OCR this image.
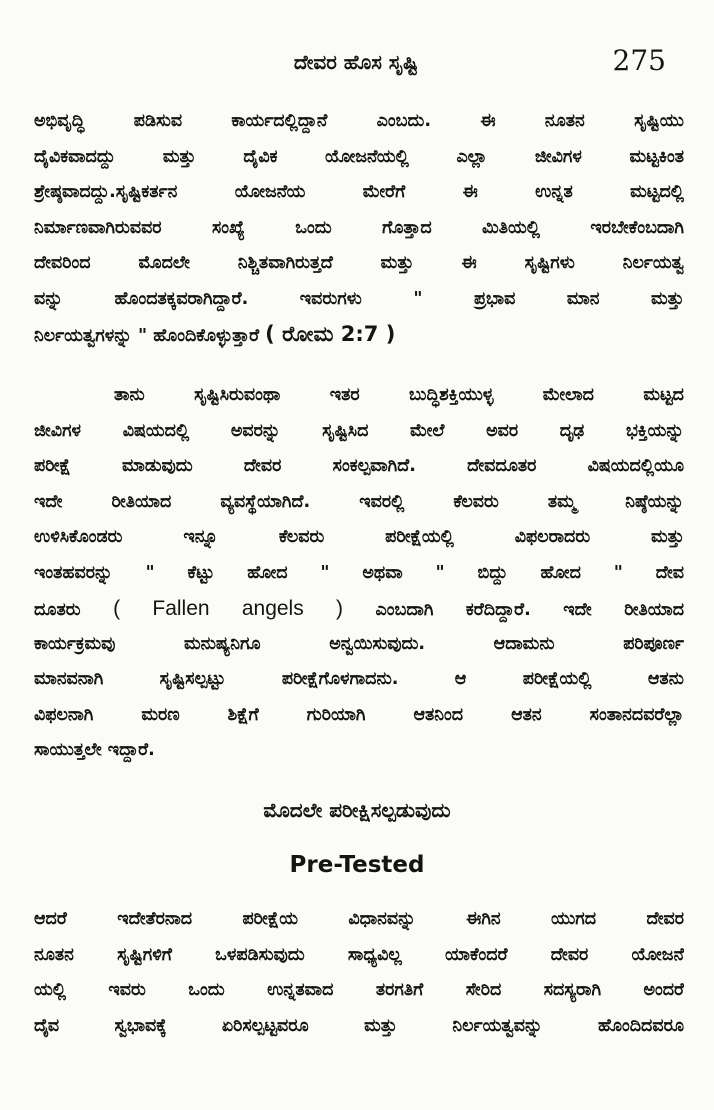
ದೇವರ ಹೊಸ ಸೃಷ್ಟಿ	275
ಅಭಿವೃದ್ಧಿ ಪಡಿಸುವ ಕಾರ್ಯದಲ್ಲಿದ್ದಾನೆ ಎಂಬದು. ಈ ನೂತನ ಸೃಷ್ಟಿಯು
ದೈವಿಕವಾದದ್ದು ಮತ್ತು ದೈವಿಕ ಯೋಜನೆಯಲ್ಲಿ ಎಲ್ಲಾ ಜೀವಿಗಳ ಮಟ್ಟಕಿಂತ
ಶ್ರೇಷ್ಠವಾದದ್ದು.ಸೃಷ್ಟಿಕರ್ತನ ಯೋಜನೆಯ ಮೇರೆಗೆ ಈ ಉನ್ನತ ಮಟ್ಟದಲ್ಲಿ
ನಿರ್ಮಾಣವಾಗಿರುವವರ ಸಂಖ್ಯೆ ಒಂದು ಗೊತ್ತಾದ ಮಿತಿಯಲ್ಲಿ ಇರಬೇಕೆಂಬದಾಗಿ
ದೇವರಿಂದ ಮೊದಲೇ ನಿಶ್ಚಿತವಾಗಿರುತ್ತದೆ ಮತ್ತು ಈ ಸೃಷ್ಟಿಗಳು ನಿರ್ಲಯತ್ವ
ವನ್ನು ಹೊಂದತಕ್ಕವರಾಗಿದ್ದಾರೆ. ಇವರುಗಳು " ಪ್ರಭಾವ ಮಾನ ಮತ್ತು
ನಿರ್ಲಯತ್ವಗಳನ್ನು " ಹೊಂದಿಕೊಳ್ಳುತ್ತಾರೆ ( ರೋಮ 2:7 )
ತಾನು ಸೃಷ್ಟಿಸಿರುವಂಥಾ ಇತರ ಬುದ್ಧಿಶಕ್ತಿಯುಳ್ಳ ಮೇಲಾದ ಮಟ್ಟದ
ಜೀವಿಗಳ ವಿಷಯದಲ್ಲಿ ಅವರನ್ನು ಸೃಷ್ಟಿಸಿದ ಮೇಲೆ ಅವರ ದೃಢ ಭಕ್ತಿಯನ್ನು
ಪರೀಕ್ಷೆ ಮಾಡುವುದು ದೇವರ ಸಂಕಲ್ಪವಾಗಿದೆ. ದೇವದೂತರ ವಿಷಯದಲ್ಲಿಯೂ
ಇದೇ ರೀತಿಯಾದ ವ್ಯವಸ್ಥೆಯಾಗಿದೆ. ಇವರಲ್ಲಿ ಕೆಲವರು ತಮ್ಮ ನಿಷ್ಠೆಯನ್ನು
ಉಳಿಸಿಕೊಂಡರು ಇನ್ನೂ ಕೆಲವರು ಪರೀಕ್ಷೆಯಲ್ಲಿ ವಿಫಲರಾದರು ಮತ್ತು
ಇಂತಹವರನ್ನು " ಕೆಟ್ಟು ಹೋದ " ಅಥವಾ " ಬಿದ್ದು ಹೋದ " ದೇವ
ದೂತರು ( Fallen angels ) ಎಂಬದಾಗಿ ಕರೆದಿದ್ದಾರೆ. ಇದೇ ರೀತಿಯಾದ
ಕಾರ್ಯಕ್ರಮವು ಮನುಷ್ಯನಿಗೂ ಅನ್ವಯಿಸುವುದು. ಆದಾಮನು ಪರಿಪೂರ್ಣ
ಮಾನವನಾಗಿ ಸೃಷ್ಟಿಸಲ್ಪಟ್ಟು ಪರೀಕ್ಷೆಗೊಳಗಾದನು. ಆ ಪರೀಕ್ಷೆಯಲ್ಲಿ ಆತನು
ವಿಫಲನಾಗಿ ಮರಣ ಶಿಕ್ಷೆಗೆ ಗುರಿಯಾಗಿ ಆತನಿಂದ ಆತನ ಸಂತಾನದವರೆಲ್ಲಾ
ಸಾಯುತ್ತಲೇ ಇದ್ದಾರೆ.
ಮೊದಲೇ ಪರೀಕ್ಷಿಸಲ್ಪಡುವುದು
Pre-Tested
ಆದರೆ ಇದೇತೆರನಾದ ಪರೀಕ್ಷೆಯ ವಿಧಾನವನ್ನು ಈಗಿನ ಯುಗದ ದೇವರ
ನೂತನ ಸೃಷ್ಟಿಗಳಿಗೆ ಒಳಪಡಿಸುವುದು ಸಾಧ್ಯವಿಲ್ಲ ಯಾಕೆಂದರೆ ದೇವರ ಯೋಜನೆ
ಯಲ್ಲಿ ಇವರು ಒಂದು ಉನ್ನತವಾದ ತರಗತಿಗೆ ಸೇರಿದ ಸದಸ್ಯರಾಗಿ ಅಂದರೆ
ದೈವ ಸ್ವಭಾವಕ್ಕೆ ಏರಿಸಲ್ಪಟ್ಟವರೂ ಮತ್ತು ನಿರ್ಲಯತ್ವವನ್ನು ಹೊಂದಿದವರೂ
